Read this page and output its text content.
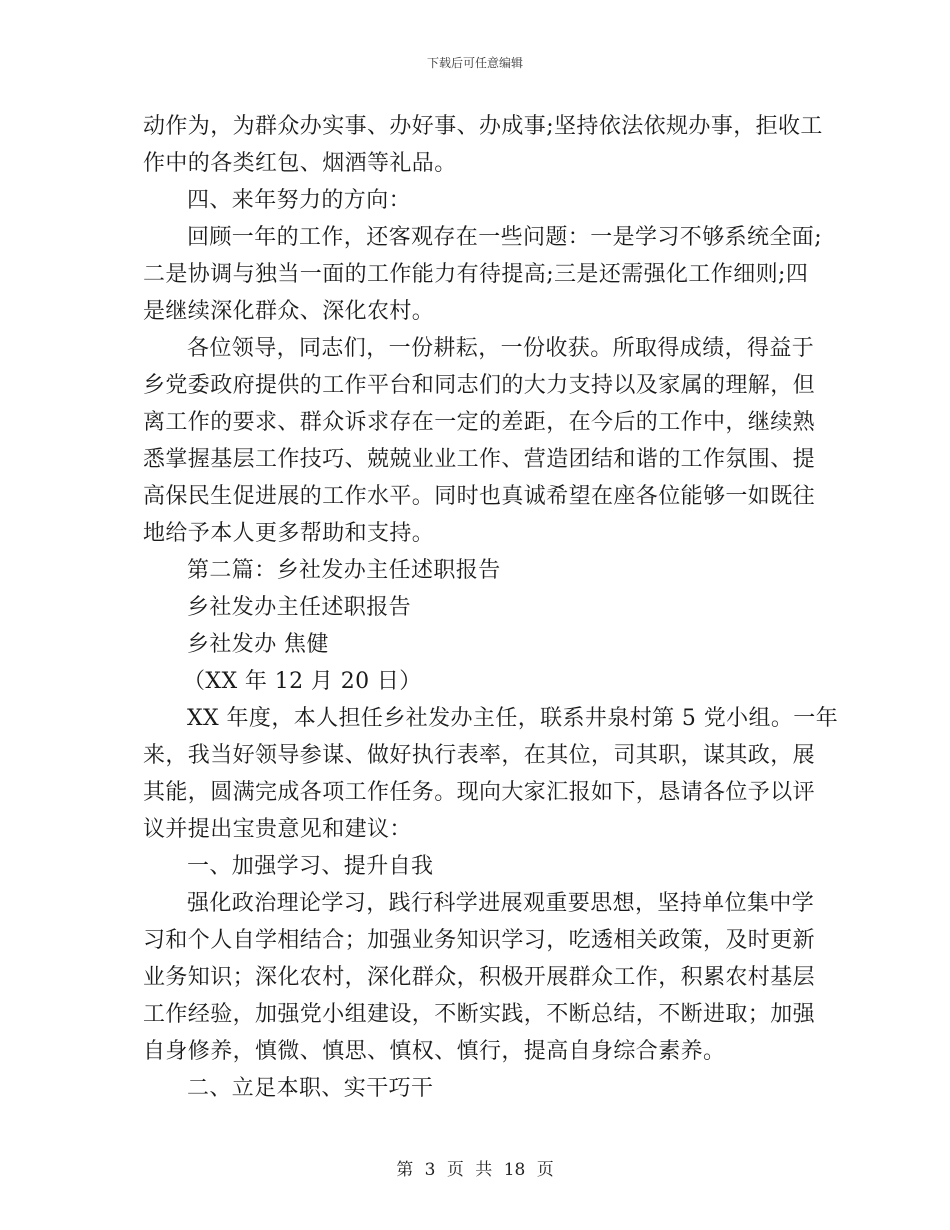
下载后可任意编辑
动作为，为群众办实事、办好事、办成事;坚持依法依规办事，拒收工
作中的各类红包、烟酒等礼品。
四、来年努力的方向：
回顾一年的工作，还客观存在一些问题：一是学习不够系统全面;
二是协调与独当一面的工作能力有待提高;三是还需强化工作细则;四
是继续深化群众、深化农村。
各位领导，同志们，一份耕耘，一份收获。所取得成绩，得益于
乡党委政府提供的工作平台和同志们的大力支持以及家属的理解，但
离工作的要求、群众诉求存在一定的差距，在今后的工作中，继续熟
悉掌握基层工作技巧、兢兢业业工作、营造团结和谐的工作氛围、提
高保民生促进展的工作水平。同时也真诚希望在座各位能够一如既往
地给予本人更多帮助和支持。
第二篇：乡社发办主任述职报告
乡社发办主任述职报告
乡社发办 焦健
（XX 年 12 月 20 日）
XX 年度，本人担任乡社发办主任，联系井泉村第 5 党小组。一年
来，我当好领导参谋、做好执行表率，在其位，司其职，谋其政，展
其能，圆满完成各项工作任务。现向大家汇报如下，恳请各位予以评
议并提出宝贵意见和建议：
一、加强学习、提升自我
强化政治理论学习，践行科学进展观重要思想，坚持单位集中学
习和个人自学相结合；加强业务知识学习，吃透相关政策，及时更新
业务知识；深化农村，深化群众，积极开展群众工作，积累农村基层
工作经验，加强党小组建设，不断实践，不断总结，不断进取；加强
自身修养，慎微、慎思、慎权、慎行，提高自身综合素养。
二、立足本职、实干巧干
第 3 页 共 18 页
